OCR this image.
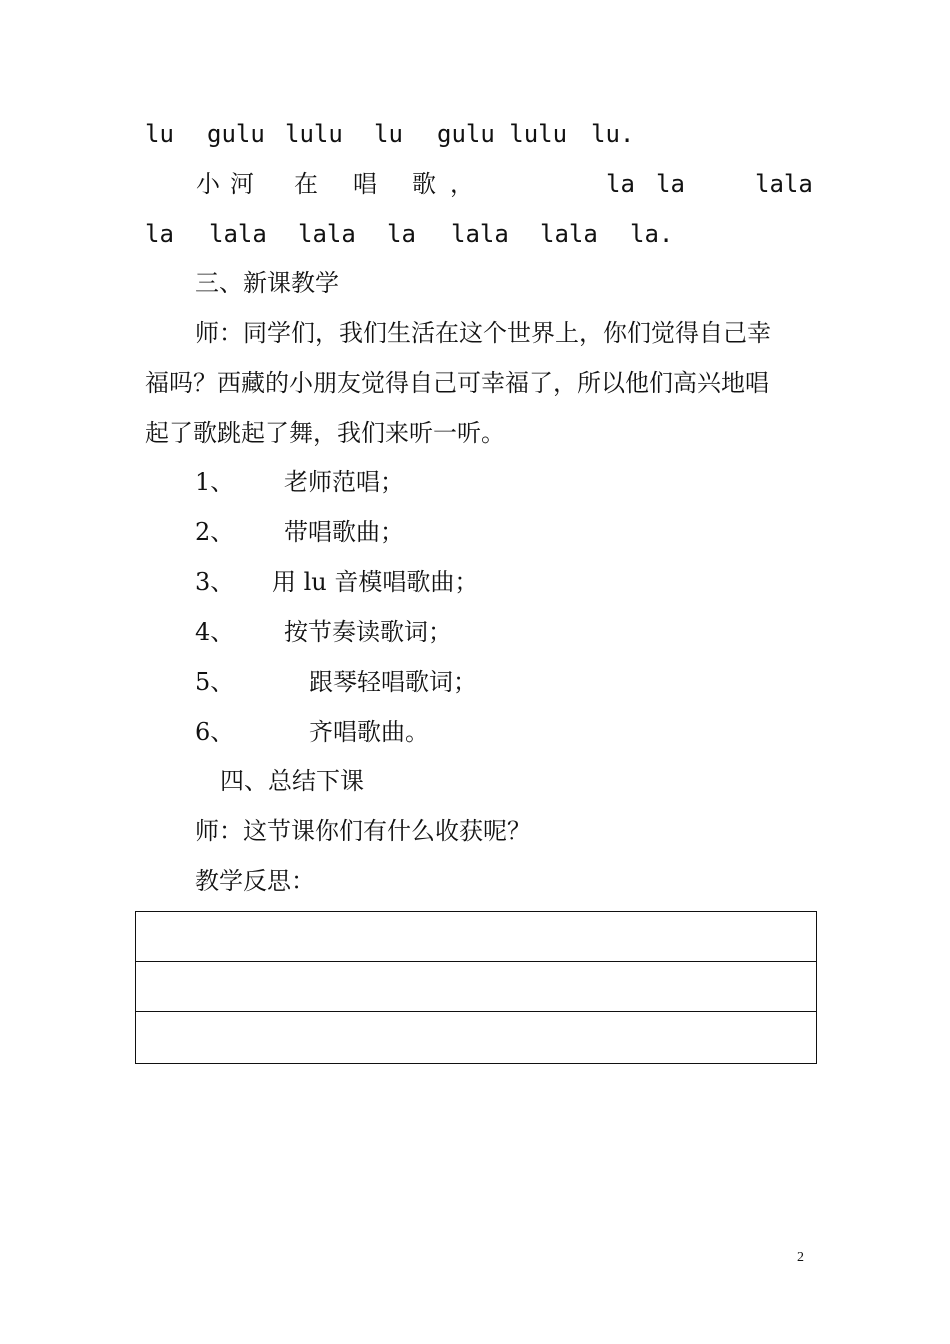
lu

gulu

lulu

lu

gulu lulu

lu.

小

河

在

唱

歌

，

	la

la

	lala

la

lala

lala

la

lala

lala

la.

三、新课教学
师：同学们，我们生活在这个世界上，你们觉得自己幸
福吗？西藏的小朋友觉得自己可幸福了，所以他们高兴地唱
起了歌跳起了舞，我们来听一听。
1、 老师范唱；
2、 带唱歌曲；
3、 用 lu 音模唱歌曲；
4、 按节奏读歌词；
5、	跟琴轻唱歌词；
6、	齐唱歌曲。
四、总结下课
师：这节课你们有什么收获呢？
教学反思：
2
